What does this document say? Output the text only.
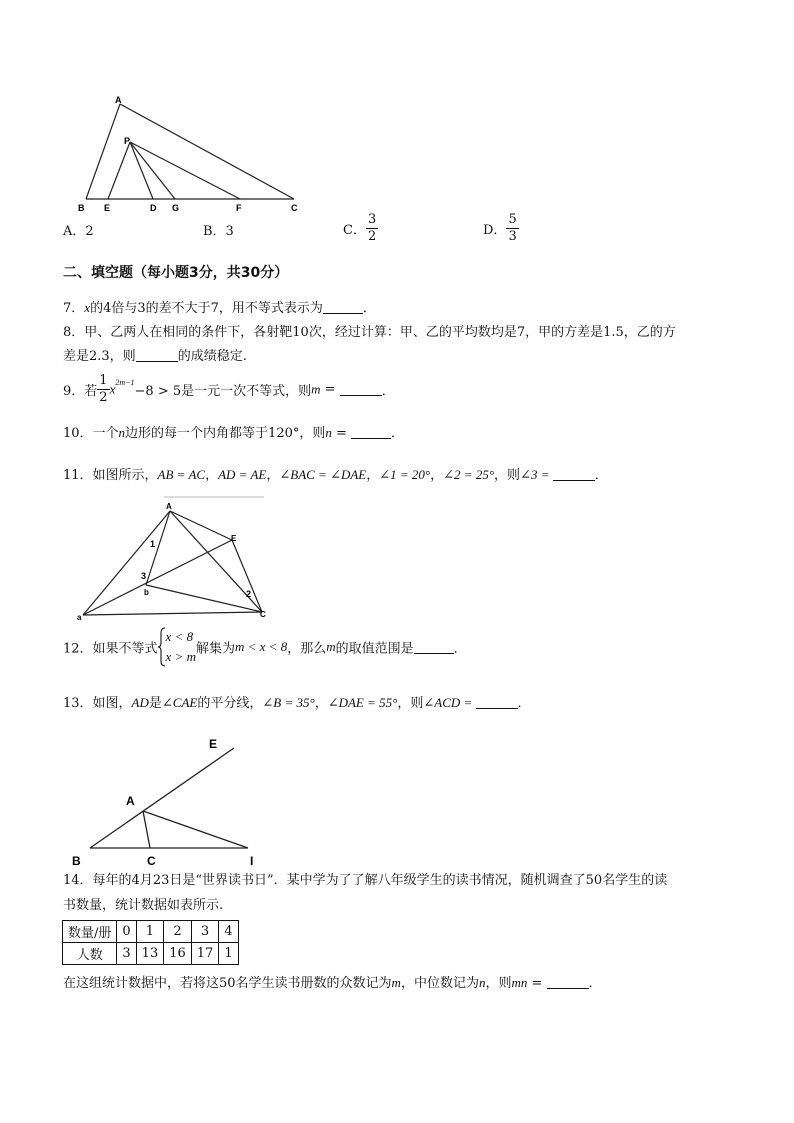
A
P
B E	D G	F	C
A．2	B．3	C． $\frac{3}{2}$	D． $\frac{5}{3}$
二、填空题（每小题3分，共30分）
7．x的4倍与3的差不大于7，用不等式表示为	．
8．甲、乙两人在相同的条件下，各射靶10次，经过计算：甲、乙的平均数均是7，甲的方差是1.5，乙的方
差是2.3，则	的成绩稳定.
9．若 $\frac{1}{2} x^{2m-1}-8 > 5$是一元一次不等式，则m =	．
10．一个n边形的每一个内角都等于120°，则n =	．
11．如图所示，AB = AC，AD = AE，∠BAC = ∠DAE，∠1 = 20°，∠2 = 25°，则∠3 =	．
A
E
1
3
b	2
a	C
12．如果不等式
x < 8
x > m 解集为m < x < 8，那么m的取值范围是	．
13．如图，AD是∠CAE的平分线，∠B = 35°，∠DAE = 55°，则∠ACD =	．
E
A
B	C	I
14．每年的4月23日是“世界读书日”．某中学为了了解八年级学生的读书情况，随机调查了50名学生的读
书数量，统计数据如表所示.
数量/册	0	1	2	3	4
人数	3	13	16	17	1
在这组统计数据中，若将这50名学生读书册数的众数记为m，中位数记为n，则mn =	．
